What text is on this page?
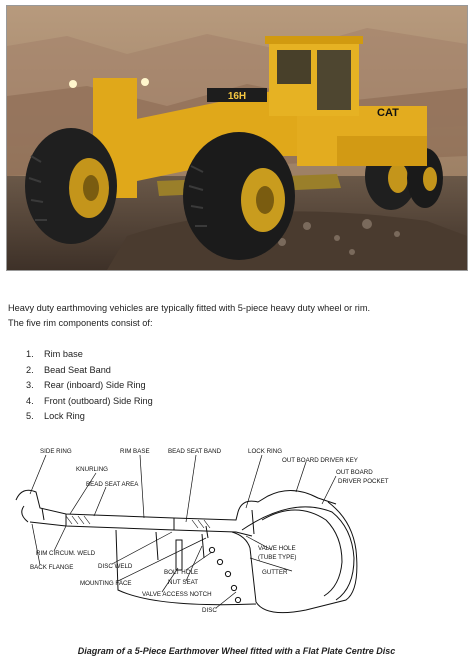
16H
CAT

Heavy duty earthmoving vehicles are typically fitted with 5-piece heavy duty wheel or rim.

The five rim components consist of:

1.	Rim base
2.	Bead Seat Band
3.	Rear (inboard) Side Ring
4.	Front (outboard) Side Ring
5.	Lock Ring
SIDE RING	RIM BASE	BEAD SEAT BAND	LOCK RING
OUT BOARD DRIVER KEY
KNURLING	OUT BOARD
DRIVER POCKET
BEAD SEAT AREA
RIM CIRCUM. WELD
BACK FLANGE	DISC WELD
MOUNTING FACE
VALVE HOLE
(TUBE TYPE)
GUTTER
BOLT HOLE
NUT SEAT
VALVE ACCESS NOTCH
DISC
Diagram of a 5-Piece Earthmover Wheel fitted with a Flat Plate Centre Disc
